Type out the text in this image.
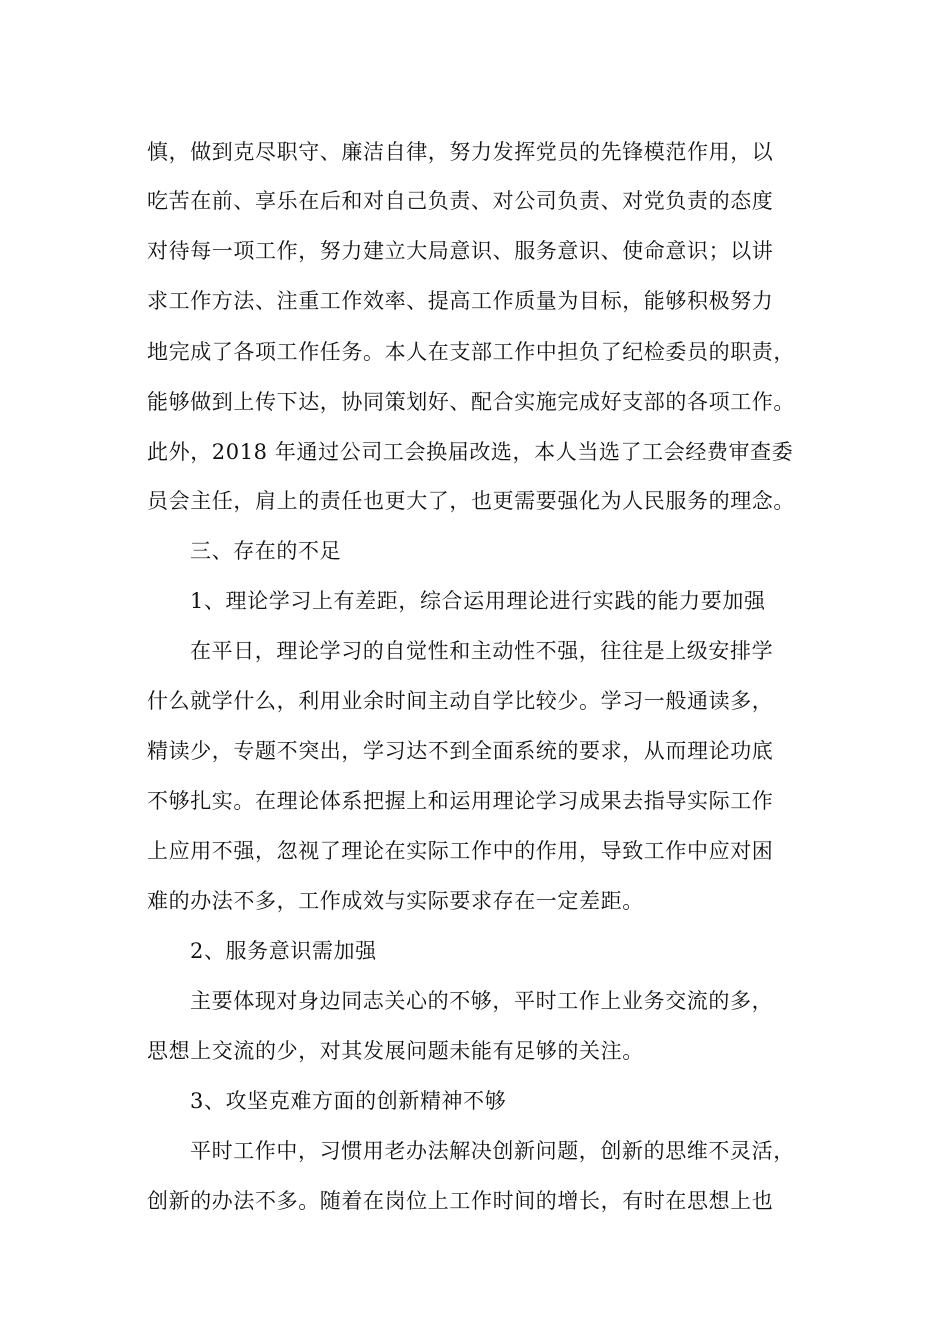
慎，做到克尽职守、廉洁自律，努力发挥党员的先锋模范作用，以
吃苦在前、享乐在后和对自己负责、对公司负责、对党负责的态度
对待每一项工作，努力建立大局意识、服务意识、使命意识；以讲
求工作方法、注重工作效率、提高工作质量为目标，能够积极努力
地完成了各项工作任务。本人在支部工作中担负了纪检委员的职责，
能够做到上传下达，协同策划好、配合实施完成好支部的各项工作。
此外，2018 年通过公司工会换届改选，本人当选了工会经费审查委
员会主任，肩上的责任也更大了，也更需要强化为人民服务的理念。
三、存在的不足
1、理论学习上有差距，综合运用理论进行实践的能力要加强
在平日，理论学习的自觉性和主动性不强，往往是上级安排学
什么就学什么，利用业余时间主动自学比较少。学习一般通读多，
精读少，专题不突出，学习达不到全面系统的要求，从而理论功底
不够扎实。在理论体系把握上和运用理论学习成果去指导实际工作
上应用不强，忽视了理论在实际工作中的作用，导致工作中应对困
难的办法不多，工作成效与实际要求存在一定差距。
2、服务意识需加强
主要体现对身边同志关心的不够，平时工作上业务交流的多，
思想上交流的少，对其发展问题未能有足够的关注。
3、攻坚克难方面的创新精神不够
平时工作中，习惯用老办法解决创新问题，创新的思维不灵活，
创新的办法不多。随着在岗位上工作时间的增长，有时在思想上也
